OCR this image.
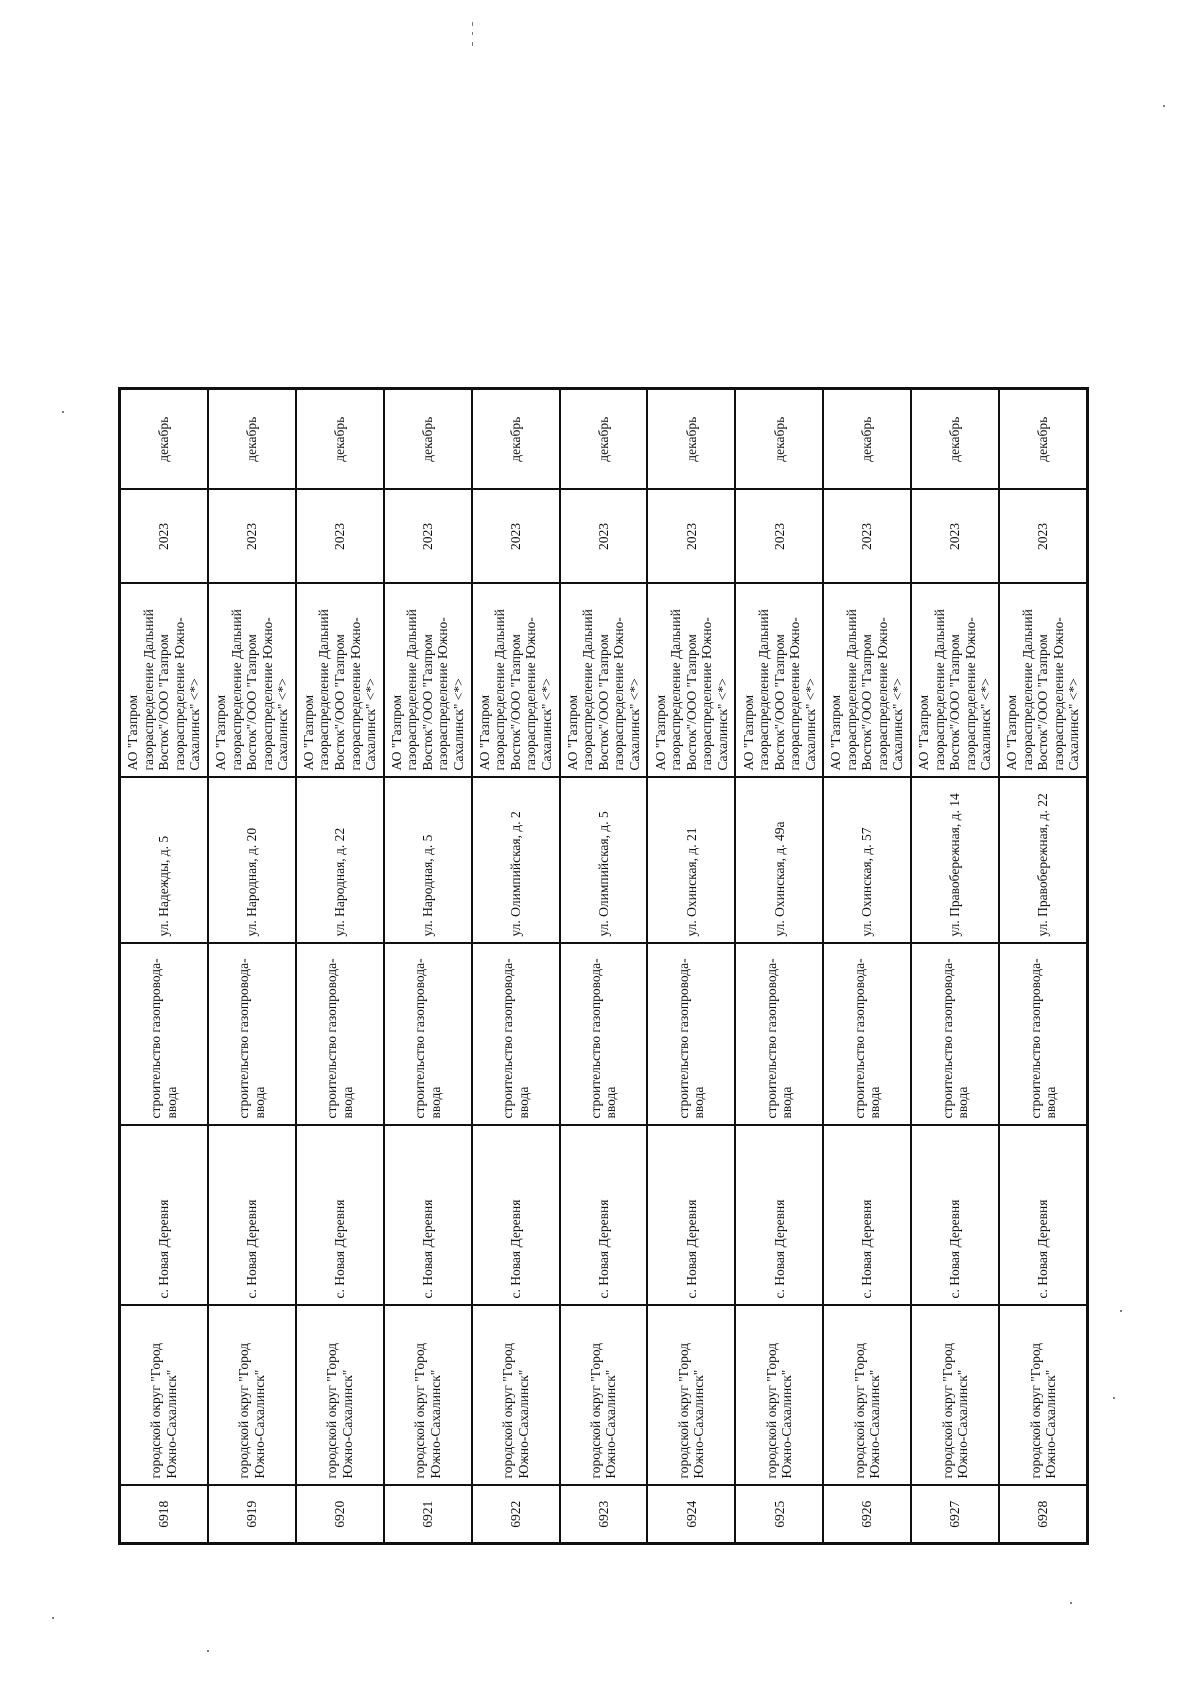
6918	городской округ "Город Южно-Сахалинск"	с. Новая Деревня	строительство газопровода-ввода	ул. Надежды, д. 5	АО "Газпром газораспределение Дальний Восток"/ООО "Газпром газораспределение Южно-Сахалинск" <*>	2023	декабрь
6919	городской округ "Город Южно-Сахалинск"	с. Новая Деревня	строительство газопровода-ввода	ул. Народная, д. 20	АО "Газпром газораспределение Дальний Восток"/ООО "Газпром газораспределение Южно-Сахалинск" <*>	2023	декабрь
6920	городской округ "Город Южно-Сахалинск"	с. Новая Деревня	строительство газопровода-ввода	ул. Народная, д. 22	АО "Газпром газораспределение Дальний Восток"/ООО "Газпром газораспределение Южно-Сахалинск" <*>	2023	декабрь
6921	городской округ "Город Южно-Сахалинск"	с. Новая Деревня	строительство газопровода-ввода	ул. Народная, д. 5	АО "Газпром газораспределение Дальний Восток"/ООО "Газпром газораспределение Южно-Сахалинск" <*>	2023	декабрь
6922	городской округ "Город Южно-Сахалинск"	с. Новая Деревня	строительство газопровода-ввода	ул. Олимпийская, д. 2	АО "Газпром газораспределение Дальний Восток"/ООО "Газпром газораспределение Южно-Сахалинск" <*>	2023	декабрь
6923	городской округ "Город Южно-Сахалинск"	с. Новая Деревня	строительство газопровода-ввода	ул. Олимпийская, д. 5	АО "Газпром газораспределение Дальний Восток"/ООО "Газпром газораспределение Южно-Сахалинск" <*>	2023	декабрь
6924	городской округ "Город Южно-Сахалинск"	с. Новая Деревня	строительство газопровода-ввода	ул. Охинская, д. 21	АО "Газпром газораспределение Дальний Восток"/ООО "Газпром газораспределение Южно-Сахалинск" <*>	2023	декабрь
6925	городской округ "Город Южно-Сахалинск"	с. Новая Деревня	строительство газопровода-ввода	ул. Охинская, д. 49а	АО "Газпром газораспределение Дальний Восток"/ООО "Газпром газораспределение Южно-Сахалинск" <*>	2023	декабрь
6926	городской округ "Город Южно-Сахалинск"	с. Новая Деревня	строительство газопровода-ввода	ул. Охинская, д. 57	АО "Газпром газораспределение Дальний Восток"/ООО "Газпром газораспределение Южно-Сахалинск" <*>	2023	декабрь
6927	городской округ "Город Южно-Сахалинск"	с. Новая Деревня	строительство газопровода-ввода	ул. Правобережная, д. 14	АО "Газпром газораспределение Дальний Восток"/ООО "Газпром газораспределение Южно-Сахалинск" <*>	2023	декабрь
6928	городской округ "Город Южно-Сахалинск"	с. Новая Деревня	строительство газопровода-ввода	ул. Правобережная, д. 22	АО "Газпром газораспределение Дальний Восток"/ООО "Газпром газораспределение Южно-Сахалинск" <*>	2023	декабрь
